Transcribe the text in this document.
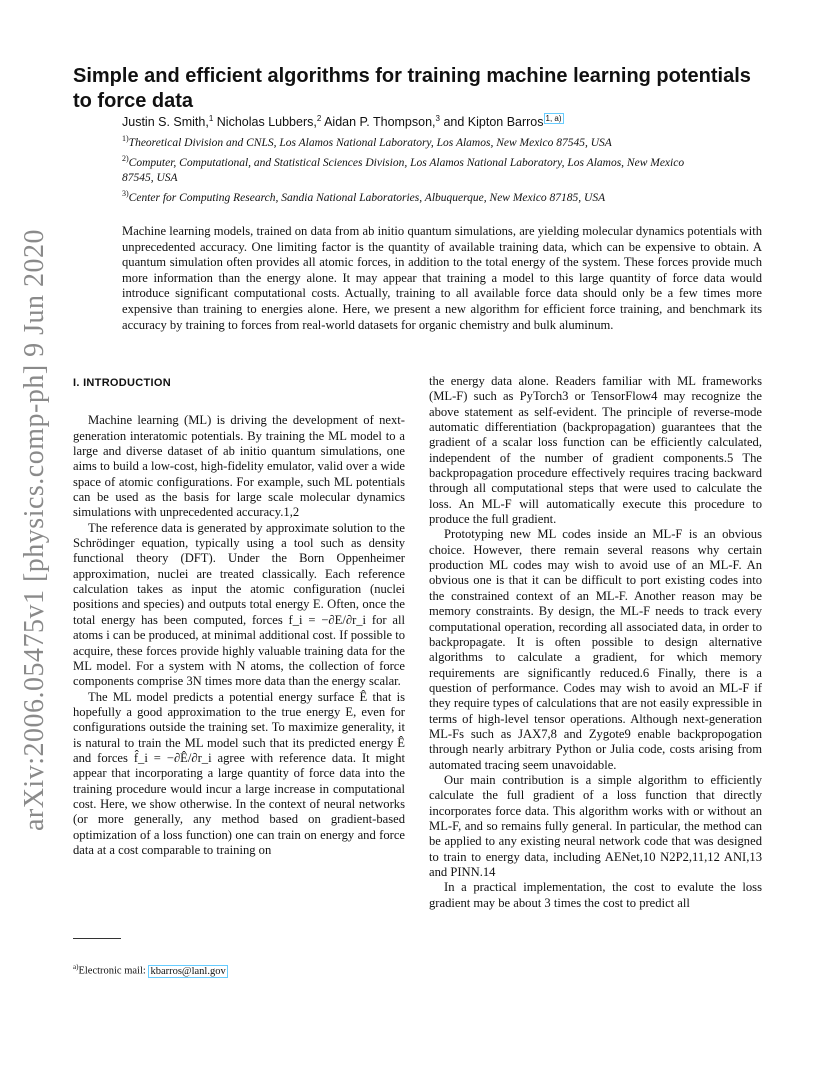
arXiv:2006.05475v1 [physics.comp-ph] 9 Jun 2020
Simple and efficient algorithms for training machine learning potentials to force data
Justin S. Smith,$^1$ Nicholas Lubbers,$^2$ Aidan P. Thompson,$^3$ and Kipton Barros $^{1, a)}$
$^{1)}$Theoretical Division and CNLS, Los Alamos National Laboratory, Los Alamos, New Mexico 87545, USA
$^{2)}$Computer, Computational, and Statistical Sciences Division, Los Alamos National Laboratory, Los Alamos, New Mexico 87545, USA
$^{3)}$Center for Computing Research, Sandia National Laboratories, Albuquerque, New Mexico 87185, USA

Machine learning models, trained on data from ab initio quantum simulations, are yielding molecular dynamics potentials with unprecedented accuracy. One limiting factor is the quantity of available training data, which can be expensive to obtain. A quantum simulation often provides all atomic forces, in addition to the total energy of the system. These forces provide much more information than the energy alone. It may appear that training a model to this large quantity of force data would introduce significant computational costs. Actually, training to all available force data should only be a few times more expensive than training to energies alone. Here, we present a new algorithm for efficient force training, and benchmark its accuracy by training to forces from real-world datasets for organic chemistry and bulk aluminum.

I. INTRODUCTION

Machine learning (ML) is driving the development of next-generation interatomic potentials. By training the ML model to a large and diverse dataset of ab initio quantum simulations, one aims to build a low-cost, high-fidelity emulator, valid over a wide space of atomic configurations. For example, such ML potentials can be used as the basis for large scale molecular dynamics simulations with unprecedented accuracy.1,2

The reference data is generated by approximate solution to the Schrödinger equation, typically using a tool such as density functional theory (DFT). Under the Born Oppenheimer approximation, nuclei are treated classically. Each reference calculation takes as input the atomic configuration (nuclei positions and species) and outputs total energy E. Often, once the total energy has been computed, forces f_i = −∂E/∂r_i for all atoms i can be produced, at minimal additional cost. If possible to acquire, these forces provide highly valuable training data for the ML model. For a system with N atoms, the collection of force components comprise 3N times more data than the energy scalar.

The ML model predicts a potential energy surface Ê that is hopefully a good approximation to the true energy E, even for configurations outside the training set. To maximize generality, it is natural to train the ML model such that its predicted energy Ê and forces f̂_i = −∂Ê/∂r_i agree with reference data. It might appear that incorporating a large quantity of force data into the training procedure would incur a large increase in computational cost. Here, we show otherwise. In the context of neural networks (or more generally, any method based on gradient-based optimization of a loss function) one can train on energy and force data at a cost comparable to training on

the energy data alone. Readers familiar with ML frameworks (ML-F) such as PyTorch3 or TensorFlow4 may recognize the above statement as self-evident. The principle of reverse-mode automatic differentiation (backpropagation) guarantees that the gradient of a scalar loss function can be efficiently calculated, independent of the number of gradient components.5 The backpropagation procedure effectively requires tracing backward through all computational steps that were used to calculate the loss. An ML-F will automatically execute this procedure to produce the full gradient.

Prototyping new ML codes inside an ML-F is an obvious choice. However, there remain several reasons why certain production ML codes may wish to avoid use of an ML-F. An obvious one is that it can be difficult to port existing codes into the constrained context of an ML-F. Another reason may be memory constraints. By design, the ML-F needs to track every computational operation, recording all associated data, in order to backpropagate. It is often possible to design alternative algorithms to calculate a gradient, for which memory requirements are significantly reduced.6 Finally, there is a question of performance. Codes may wish to avoid an ML-F if they require types of calculations that are not easily expressible in terms of high-level tensor operations. Although next-generation ML-Fs such as JAX7,8 and Zygote9 enable backpropogation through nearly arbitrary Python or Julia code, costs arising from automated tracing seem unavoidable.

Our main contribution is a simple algorithm to efficiently calculate the full gradient of a loss function that directly incorporates force data. This algorithm works with or without an ML-F, and so remains fully general. In particular, the method can be applied to any existing neural network code that was designed to train to energy data, including AENet,10 N2P2,11,12 ANI,13 and PINN.14

In a practical implementation, the cost to evalute the loss gradient may be about 3 times the cost to predict all

$^{a)}$Electronic mail: kbarros@lanl.gov
